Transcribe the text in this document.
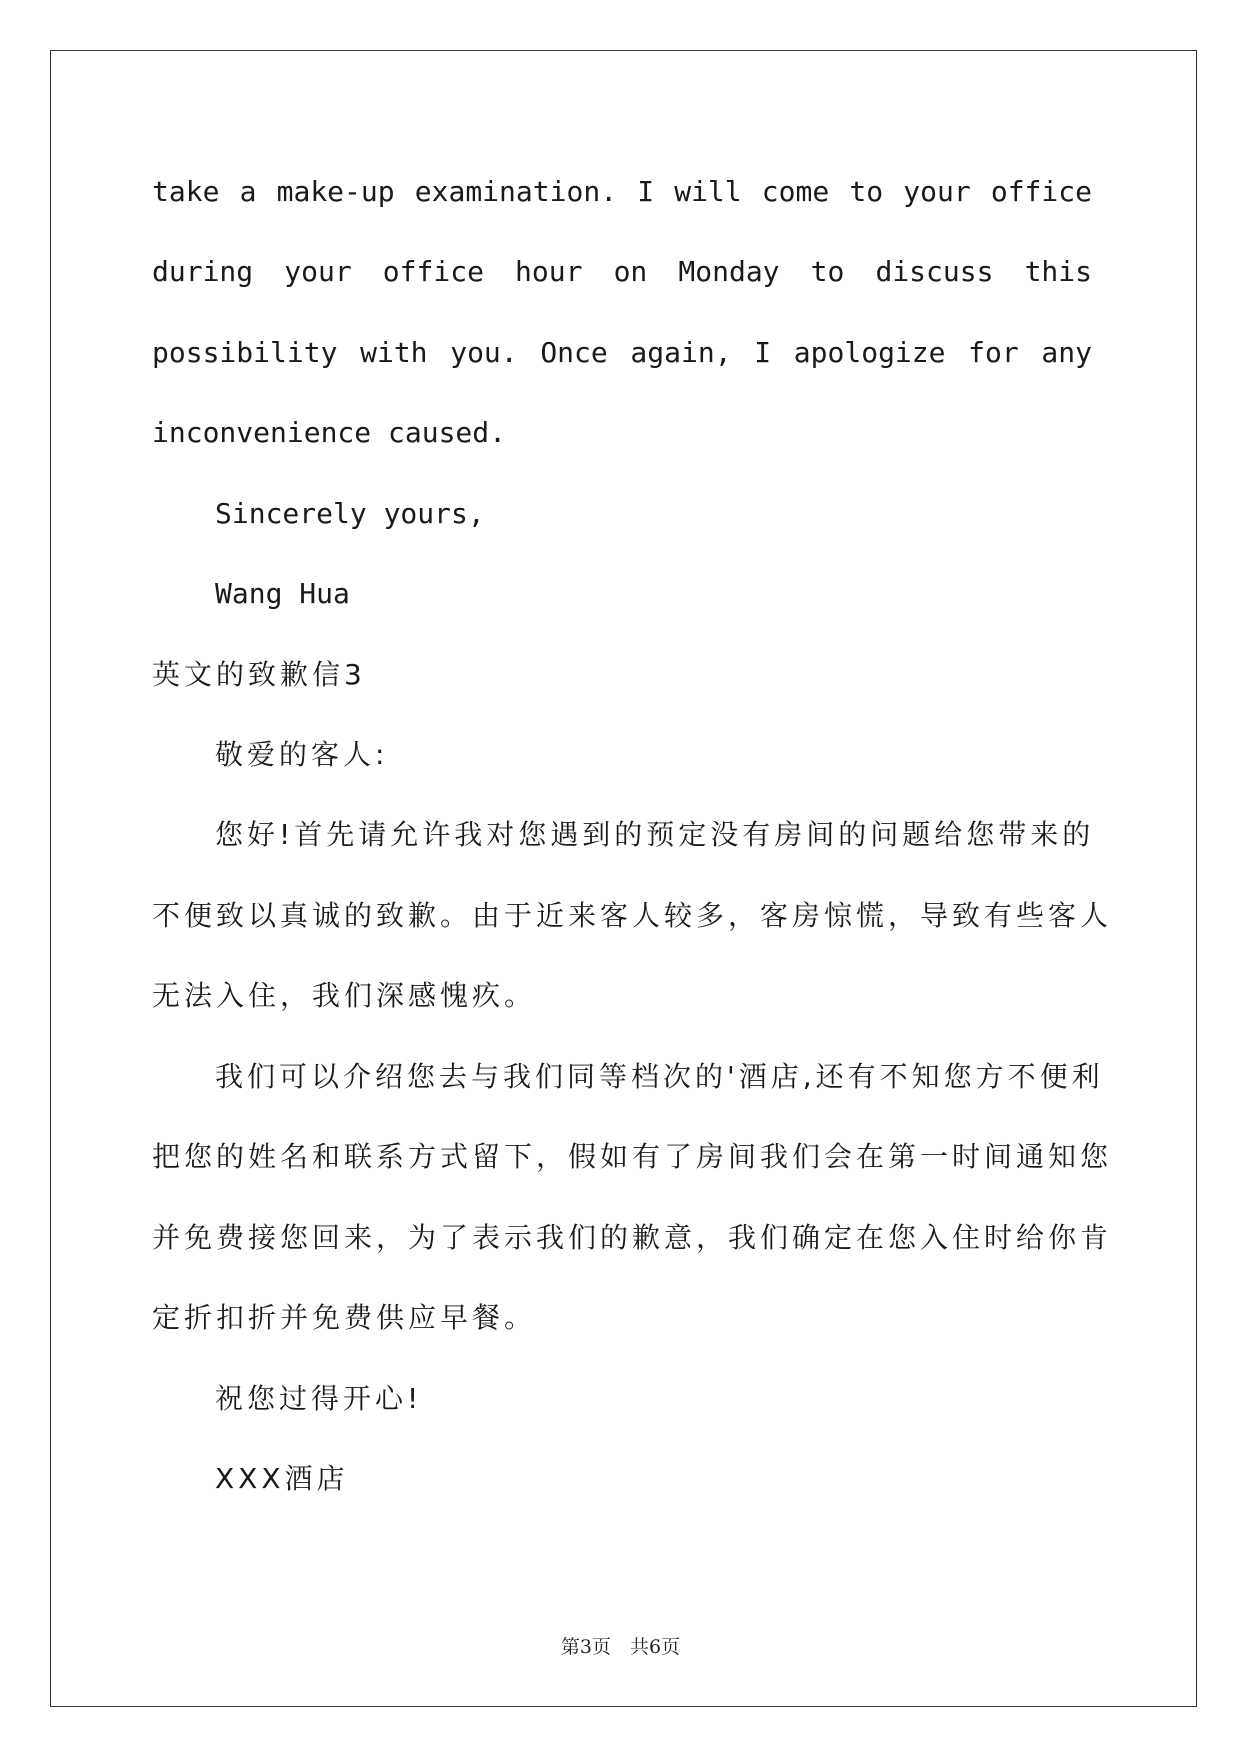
take a make-up examination. I will come to your office
during your office hour on Monday to discuss this
possibility with you. Once again, I apologize for any
inconvenience caused.
Sincerely yours,
Wang Hua
英文的致歉信3
敬爱的客人:
您好!首先请允许我对您遇到的预定没有房间的问题给您带来的
不便致以真诚的致歉。由于近来客人较多，客房惊慌，导致有些客人
无法入住，我们深感愧疚。
我们可以介绍您去与我们同等档次的'酒店,还有不知您方不便利
把您的姓名和联系方式留下，假如有了房间我们会在第一时间通知您
并免费接您回来，为了表示我们的歉意，我们确定在您入住时给你肯
定折扣折并免费供应早餐。
祝您过得开心!
XXX酒店
第3页　共6页
